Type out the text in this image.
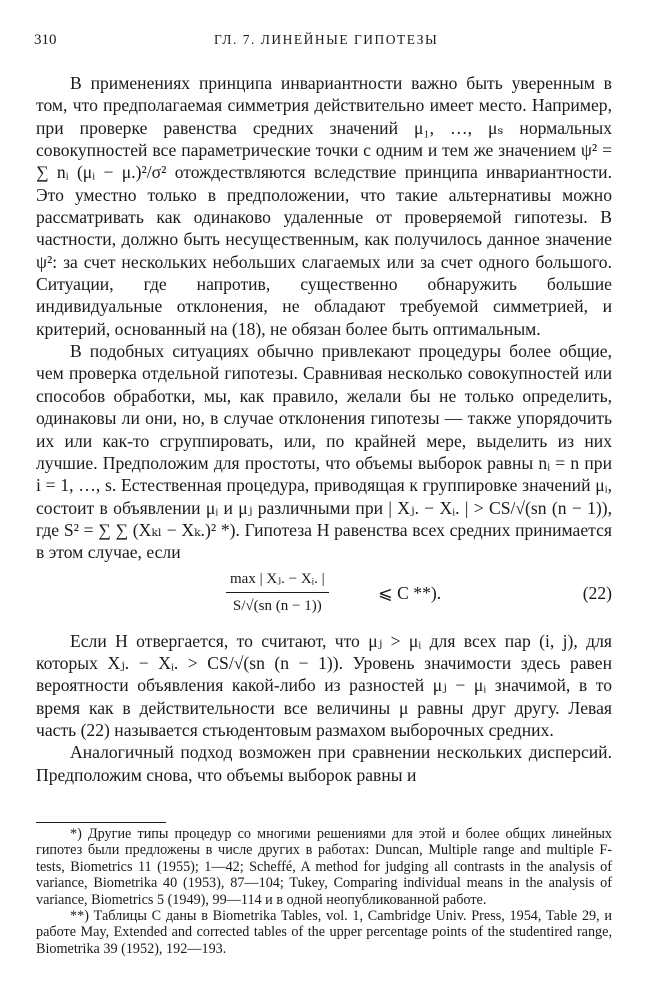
310	ГЛ. 7. ЛИНЕЙНЫЕ ГИПОТЕЗЫ

В применениях принципа инвариантности важно быть уверенным в том, что предполагаемая симметрия действительно имеет место. Например, при проверке равенства средних значений μ₁, …, μₛ нормальных совокупностей все параметрические точки с одним и тем же значением ψ² = ∑ nᵢ (μᵢ − μ.)²/σ² отождествляются вследствие принципа инвариантности. Это уместно только в предположении, что такие альтернативы можно рассматривать как одинаково удаленные от проверяемой гипотезы. В частности, должно быть несущественным, как получилось данное значение ψ²: за счет нескольких небольших слагаемых или за счет одного большого. Ситуации, где напротив, существенно обнаружить большие индивидуальные отклонения, не обладают требуемой симметрией, и критерий, основанный на (18), не обязан более быть оптимальным.

В подобных ситуациях обычно привлекают процедуры более общие, чем проверка отдельной гипотезы. Сравнивая несколько совокупностей или способов обработки, мы, как правило, желали бы не только определить, одинаковы ли они, но, в случае отклонения гипотезы — также упорядочить их или как-то сгруппировать, или, по крайней мере, выделить из них лучшие. Предположим для простоты, что объемы выборок равны nᵢ = n при i = 1, …, s. Естественная процедура, приводящая к группировке значений μᵢ, состоит в объявлении μᵢ и μⱼ различными при | Xⱼ. − Xᵢ. | > CS/√(sn (n − 1)), где S² = ∑ ∑ (Xₖₗ − Xₖ.)² *). Гипотеза H равенства всех средних принимается в этом случае, если

max | Xⱼ. − Xᵢ. |
S/√(sn (n − 1))
⩽ C **).	(22)

Если H отвергается, то считают, что μⱼ > μᵢ для всех пар (i, j), для которых Xⱼ. − Xᵢ. > CS/√(sn (n − 1)). Уровень значимости здесь равен вероятности объявления какой-либо из разностей μⱼ − μᵢ значимой, в то время как в действительности все величины μ равны друг другу. Левая часть (22) называется стьюдентовым размахом выборочных средних.

Аналогичный подход возможен при сравнении нескольких дисперсий. Предположим снова, что объемы выборок равны и

*) Другие типы процедур со многими решениями для этой и более общих линейных гипотез были предложены в числе других в работах: Duncan, Multiple range and multiple F-tests, Biometrics 11 (1955); 1—42; Scheffé, A method for judging all contrasts in the analysis of variance, Biometrika 40 (1953), 87—104; Tukey, Comparing individual means in the analysis of variance, Biometrics 5 (1949), 99—114 и в одной неопубликованной работе.

**) Таблицы C даны в Biometrika Tables, vol. 1, Cambridge Univ. Press, 1954, Table 29, и работе May, Extended and corrected tables of the upper percentage points of the studentired range, Biometrika 39 (1952), 192—193.
